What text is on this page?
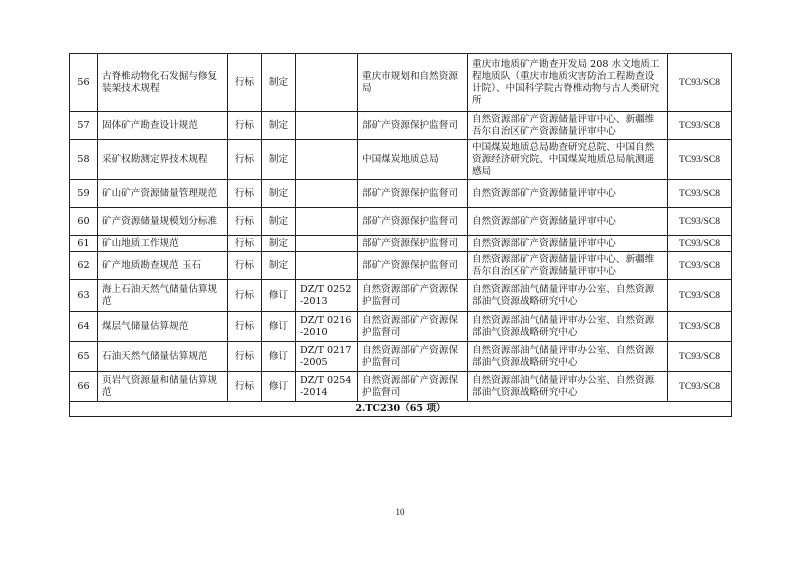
56	古脊椎动物化石发掘与修复装架技术规程	行标	制定		重庆市规划和自然资源局	重庆市地质矿产勘查开发局 208 水文地质工程地质队（重庆市地质灾害防治工程勘查设计院）、中国科学院古脊椎动物与古人类研究所	TC93/SC8
57	固体矿产勘查设计规范	行标	制定		部矿产资源保护监督司	自然资源部矿产资源储量评审中心、新疆维吾尔自治区矿产资源储量评审中心	TC93/SC8
58	采矿权勘测定界技术规程	行标	制定		中国煤炭地质总局	中国煤炭地质总局勘查研究总院、中国自然资源经济研究院、中国煤炭地质总局航测遥感局	TC93/SC8
59	矿山矿产资源储量管理规范	行标	制定		部矿产资源保护监督司	自然资源部矿产资源储量评审中心	TC93/SC8
60	矿产资源储量规模划分标准	行标	制定		部矿产资源保护监督司	自然资源部矿产资源储量评审中心	TC93/SC8
61	矿山地质工作规范	行标	制定		部矿产资源保护监督司	自然资源部矿产资源储量评审中心	TC93/SC8
62	矿产地质勘查规范 玉石	行标	制定		部矿产资源保护监督司	自然资源部矿产资源储量评审中心、新疆维吾尔自治区矿产资源储量评审中心	TC93/SC8
63	海上石油天然气储量估算规范	行标	修订	DZ/T 0252-2013	自然资源部矿产资源保护监督司	自然资源部油气储量评审办公室、自然资源部油气资源战略研究中心	TC93/SC8
64	煤层气储量估算规范	行标	修订	DZ/T 0216-2010	自然资源部矿产资源保护监督司	自然资源部油气储量评审办公室、自然资源部油气资源战略研究中心	TC93/SC8
65	石油天然气储量估算规范	行标	修订	DZ/T 0217-2005	自然资源部矿产资源保护监督司	自然资源部油气储量评审办公室、自然资源部油气资源战略研究中心	TC93/SC8
66	页岩气资源量和储量估算规范	行标	修订	DZ/T 0254-2014	自然资源部矿产资源保护监督司	自然资源部油气储量评审办公室、自然资源部油气资源战略研究中心	TC93/SC8
2.TC230（65 项）							
10
